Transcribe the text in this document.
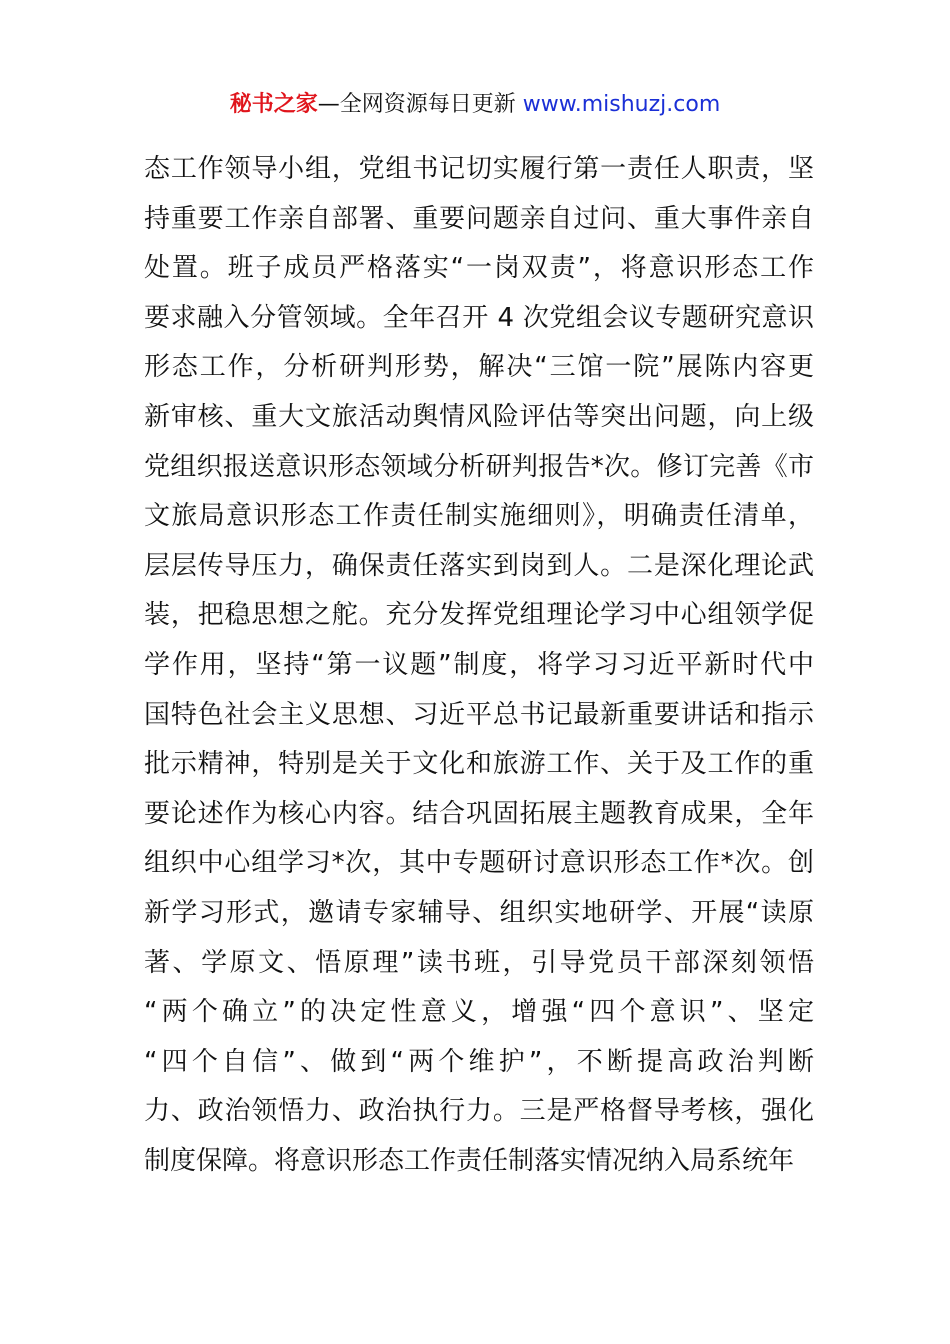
秘书之家—全网资源每日更新 www.mishuzj.com
态工作领导小组，党组书记切实履行第一责任人职责，坚
持重要工作亲自部署、重要问题亲自过问、重大事件亲自
处置。班子成员严格落实“一岗双责”，将意识形态工作
要求融入分管领域。全年召开 4 次党组会议专题研究意识
形态工作，分析研判形势，解决“三馆一院”展陈内容更
新审核、重大文旅活动舆情风险评估等突出问题，向上级
党组织报送意识形态领域分析研判报告*次。修订完善《市
文旅局意识形态工作责任制实施细则》，明确责任清单，
层层传导压力，确保责任落实到岗到人。二是深化理论武
装，把稳思想之舵。充分发挥党组理论学习中心组领学促
学作用，坚持“第一议题”制度，将学习习近平新时代中
国特色社会主义思想、习近平总书记最新重要讲话和指示
批示精神，特别是关于文化和旅游工作、关于及工作的重
要论述作为核心内容。结合巩固拓展主题教育成果，全年
组织中心组学习*次，其中专题研讨意识形态工作*次。创
新学习形式，邀请专家辅导、组织实地研学、开展“读原
著、学原文、悟原理”读书班，引导党员干部深刻领悟
“两个确立”的决定性意义，增强“四个意识”、坚定
“四个自信”、做到“两个维护”，不断提高政治判断
力、政治领悟力、政治执行力。三是严格督导考核，强化
制度保障。将意识形态工作责任制落实情况纳入局系统年
